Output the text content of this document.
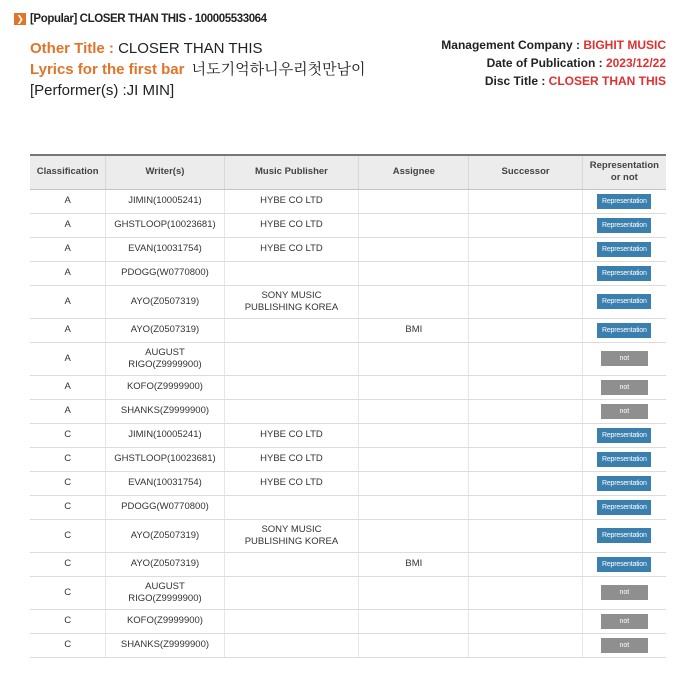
❯ [Popular] CLOSER THAN THIS - 100005533064
Other Title : CLOSER THAN THIS
Lyrics for the first bar 너도기억하니우리첫만남이
[Performer(s) :JI MIN]
Management Company : BIGHIT MUSIC
Date of Publication : 2023/12/22
Disc Title : CLOSER THAN THIS
Classification	Writer(s)	Music Publisher	Assignee	Successor	Representation or not
A	JIMIN(10005241)	HYBE CO LTD			Representation
A	GHSTLOOP(10023681)	HYBE CO LTD			Representation
A	EVAN(10031754)	HYBE CO LTD			Representation
A	PDOGG(W0770800)				Representation
A	AYO(Z0507319)	SONY MUSIC PUBLISHING KOREA			Representation
A	AYO(Z0507319)		BMI		Representation
A	AUGUST RIGO(Z9999900)				not
A	KOFO(Z9999900)				not
A	SHANKS(Z9999900)				not
C	JIMIN(10005241)	HYBE CO LTD			Representation
C	GHSTLOOP(10023681)	HYBE CO LTD			Representation
C	EVAN(10031754)	HYBE CO LTD			Representation
C	PDOGG(W0770800)				Representation
C	AYO(Z0507319)	SONY MUSIC PUBLISHING KOREA			Representation
C	AYO(Z0507319)		BMI		Representation
C	AUGUST RIGO(Z9999900)				not
C	KOFO(Z9999900)				not
C	SHANKS(Z9999900)				not
